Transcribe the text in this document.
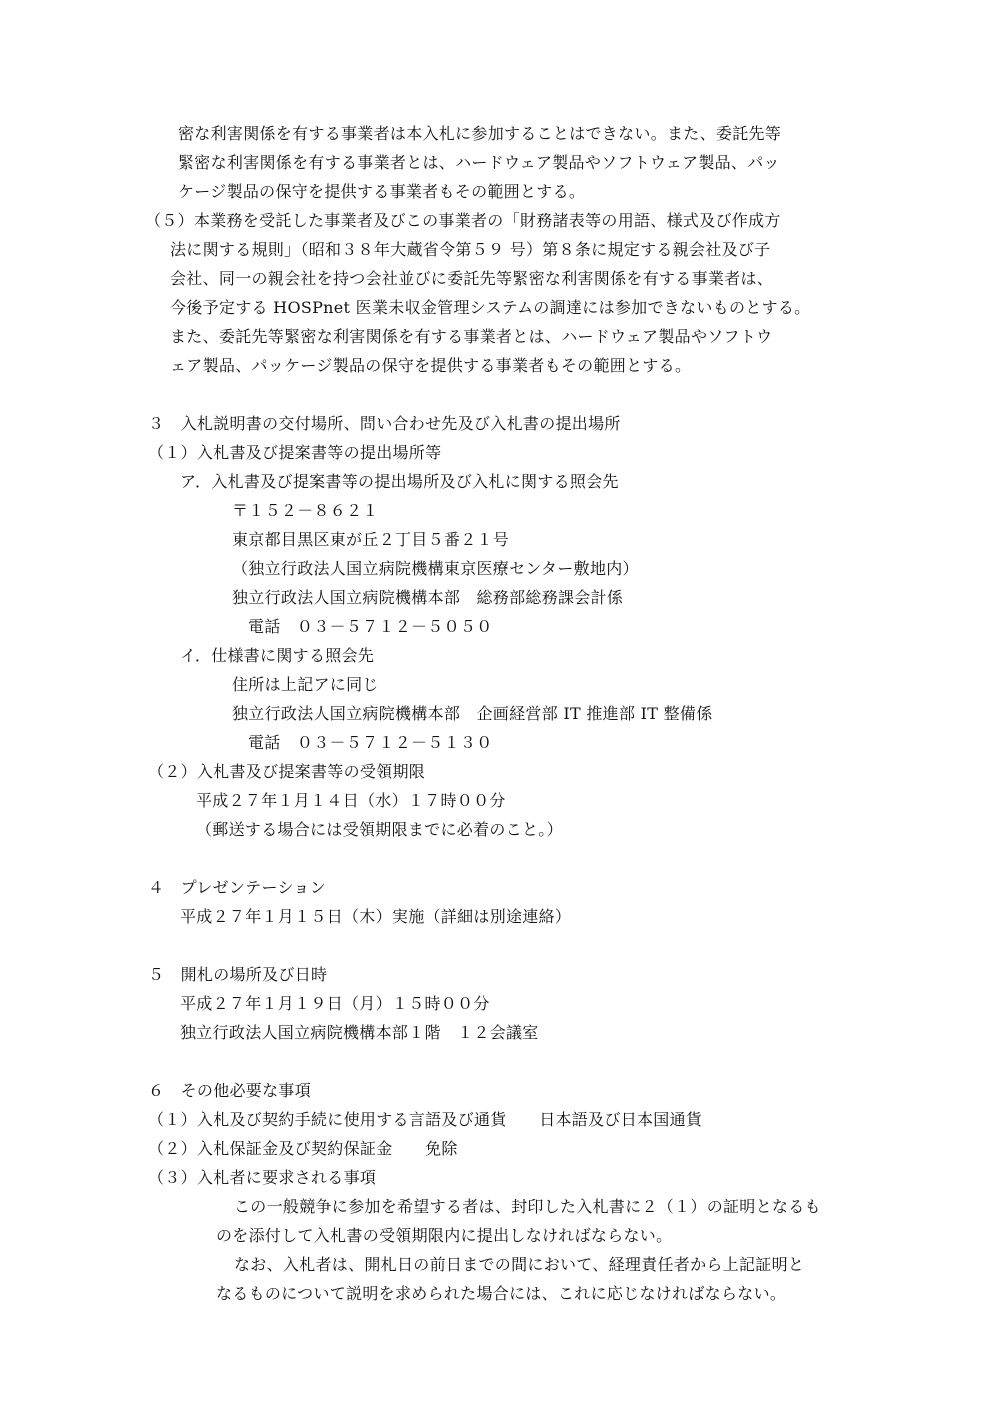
密な利害関係を有する事業者は本入札に参加することはできない。また、委託先等
緊密な利害関係を有する事業者とは、ハードウェア製品やソフトウェア製品、パッ
ケージ製品の保守を提供する事業者もその範囲とする。
（５）本業務を受託した事業者及びこの事業者の「財務諸表等の用語、様式及び作成方
法に関する規則」（昭和３８年大蔵省令第５９ 号）第８条に規定する親会社及び子
会社、同一の親会社を持つ会社並びに委託先等緊密な利害関係を有する事業者は、
今後予定する HOSPnet 医業未収金管理システムの調達には参加できないものとする。
また、委託先等緊密な利害関係を有する事業者とは、ハードウェア製品やソフトウ
ェア製品、パッケージ製品の保守を提供する事業者もその範囲とする。
３　入札説明書の交付場所、問い合わせ先及び入札書の提出場所
（１）入札書及び提案書等の提出場所等
ア．入札書及び提案書等の提出場所及び入札に関する照会先
〒１５２－８６２１
東京都目黒区東が丘２丁目５番２１号
（独立行政法人国立病院機構東京医療センター敷地内）
独立行政法人国立病院機構本部　総務部総務課会計係
電話　０３－５７１２－５０５０
イ．仕様書に関する照会先
住所は上記アに同じ
独立行政法人国立病院機構本部　企画経営部 IT 推進部 IT 整備係
電話　０３－５７１２－５１３０
（２）入札書及び提案書等の受領期限
平成２７年１月１４日（水）１７時００分
（郵送する場合には受領期限までに必着のこと。）
４　プレゼンテーション
平成２７年１月１５日（木）実施（詳細は別途連絡）
５　開札の場所及び日時
平成２７年１月１９日（月）１５時００分
独立行政法人国立病院機構本部１階　１２会議室
６　その他必要な事項
（１）入札及び契約手続に使用する言語及び通貨　　日本語及び日本国通貨
（２）入札保証金及び契約保証金　　免除
（３）入札者に要求される事項
この一般競争に参加を希望する者は、封印した入札書に２（１）の証明となるも
のを添付して入札書の受領期限内に提出しなければならない。
なお、入札者は、開札日の前日までの間において、経理責任者から上記証明と
なるものについて説明を求められた場合には、これに応じなければならない。
